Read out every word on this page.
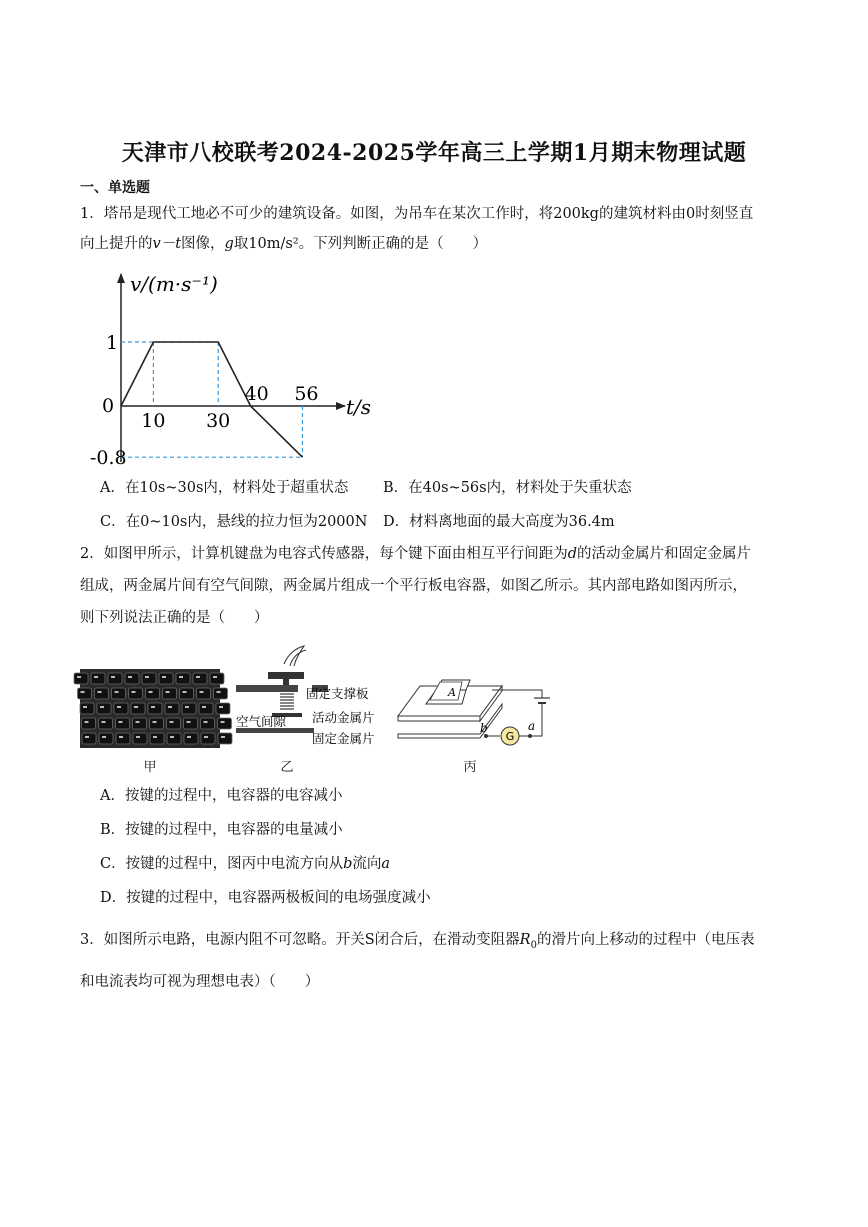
天津市八校联考2024-2025学年高三上学期1月期末物理试题
一、单选题
1．塔吊是现代工地必不可少的建筑设备。如图，为吊车在某次工作时，将200kg的建筑材料由0时刻竖直
向上提升的v－t图像，g取10m/s²。下列判断正确的是（　　）
v/(m·s⁻¹)
t/s
0
1
-0.8
10 30
40 56
A．在10s~30s内，材料处于超重状态 B．在40s~56s内，材料处于失重状态
C．在0~10s内，悬线的拉力恒为2000N D．材料离地面的最大高度为36.4m
2．如图甲所示，计算机键盘为电容式传感器，每个键下面由相互平行间距为d的活动金属片和固定金属片
组成，两金属片间有空气间隙，两金属片组成一个平行板电容器，如图乙所示。其内部电路如图丙所示，
则下列说法正确的是（　　）
固定支撑板
空气间隙 活动金属片
固定金属片
A
G
b	a
甲	乙	丙
A．按键的过程中，电容器的电容减小
B．按键的过程中，电容器的电量减小
C．按键的过程中，图丙中电流方向从b流向a
D．按键的过程中，电容器两极板间的电场强度减小
3．如图所示电路，电源内阻不可忽略。开关S闭合后，在滑动变阻器$R_0$的滑片向上移动的过程中（电压表
和电流表均可视为理想电表）（　　）
